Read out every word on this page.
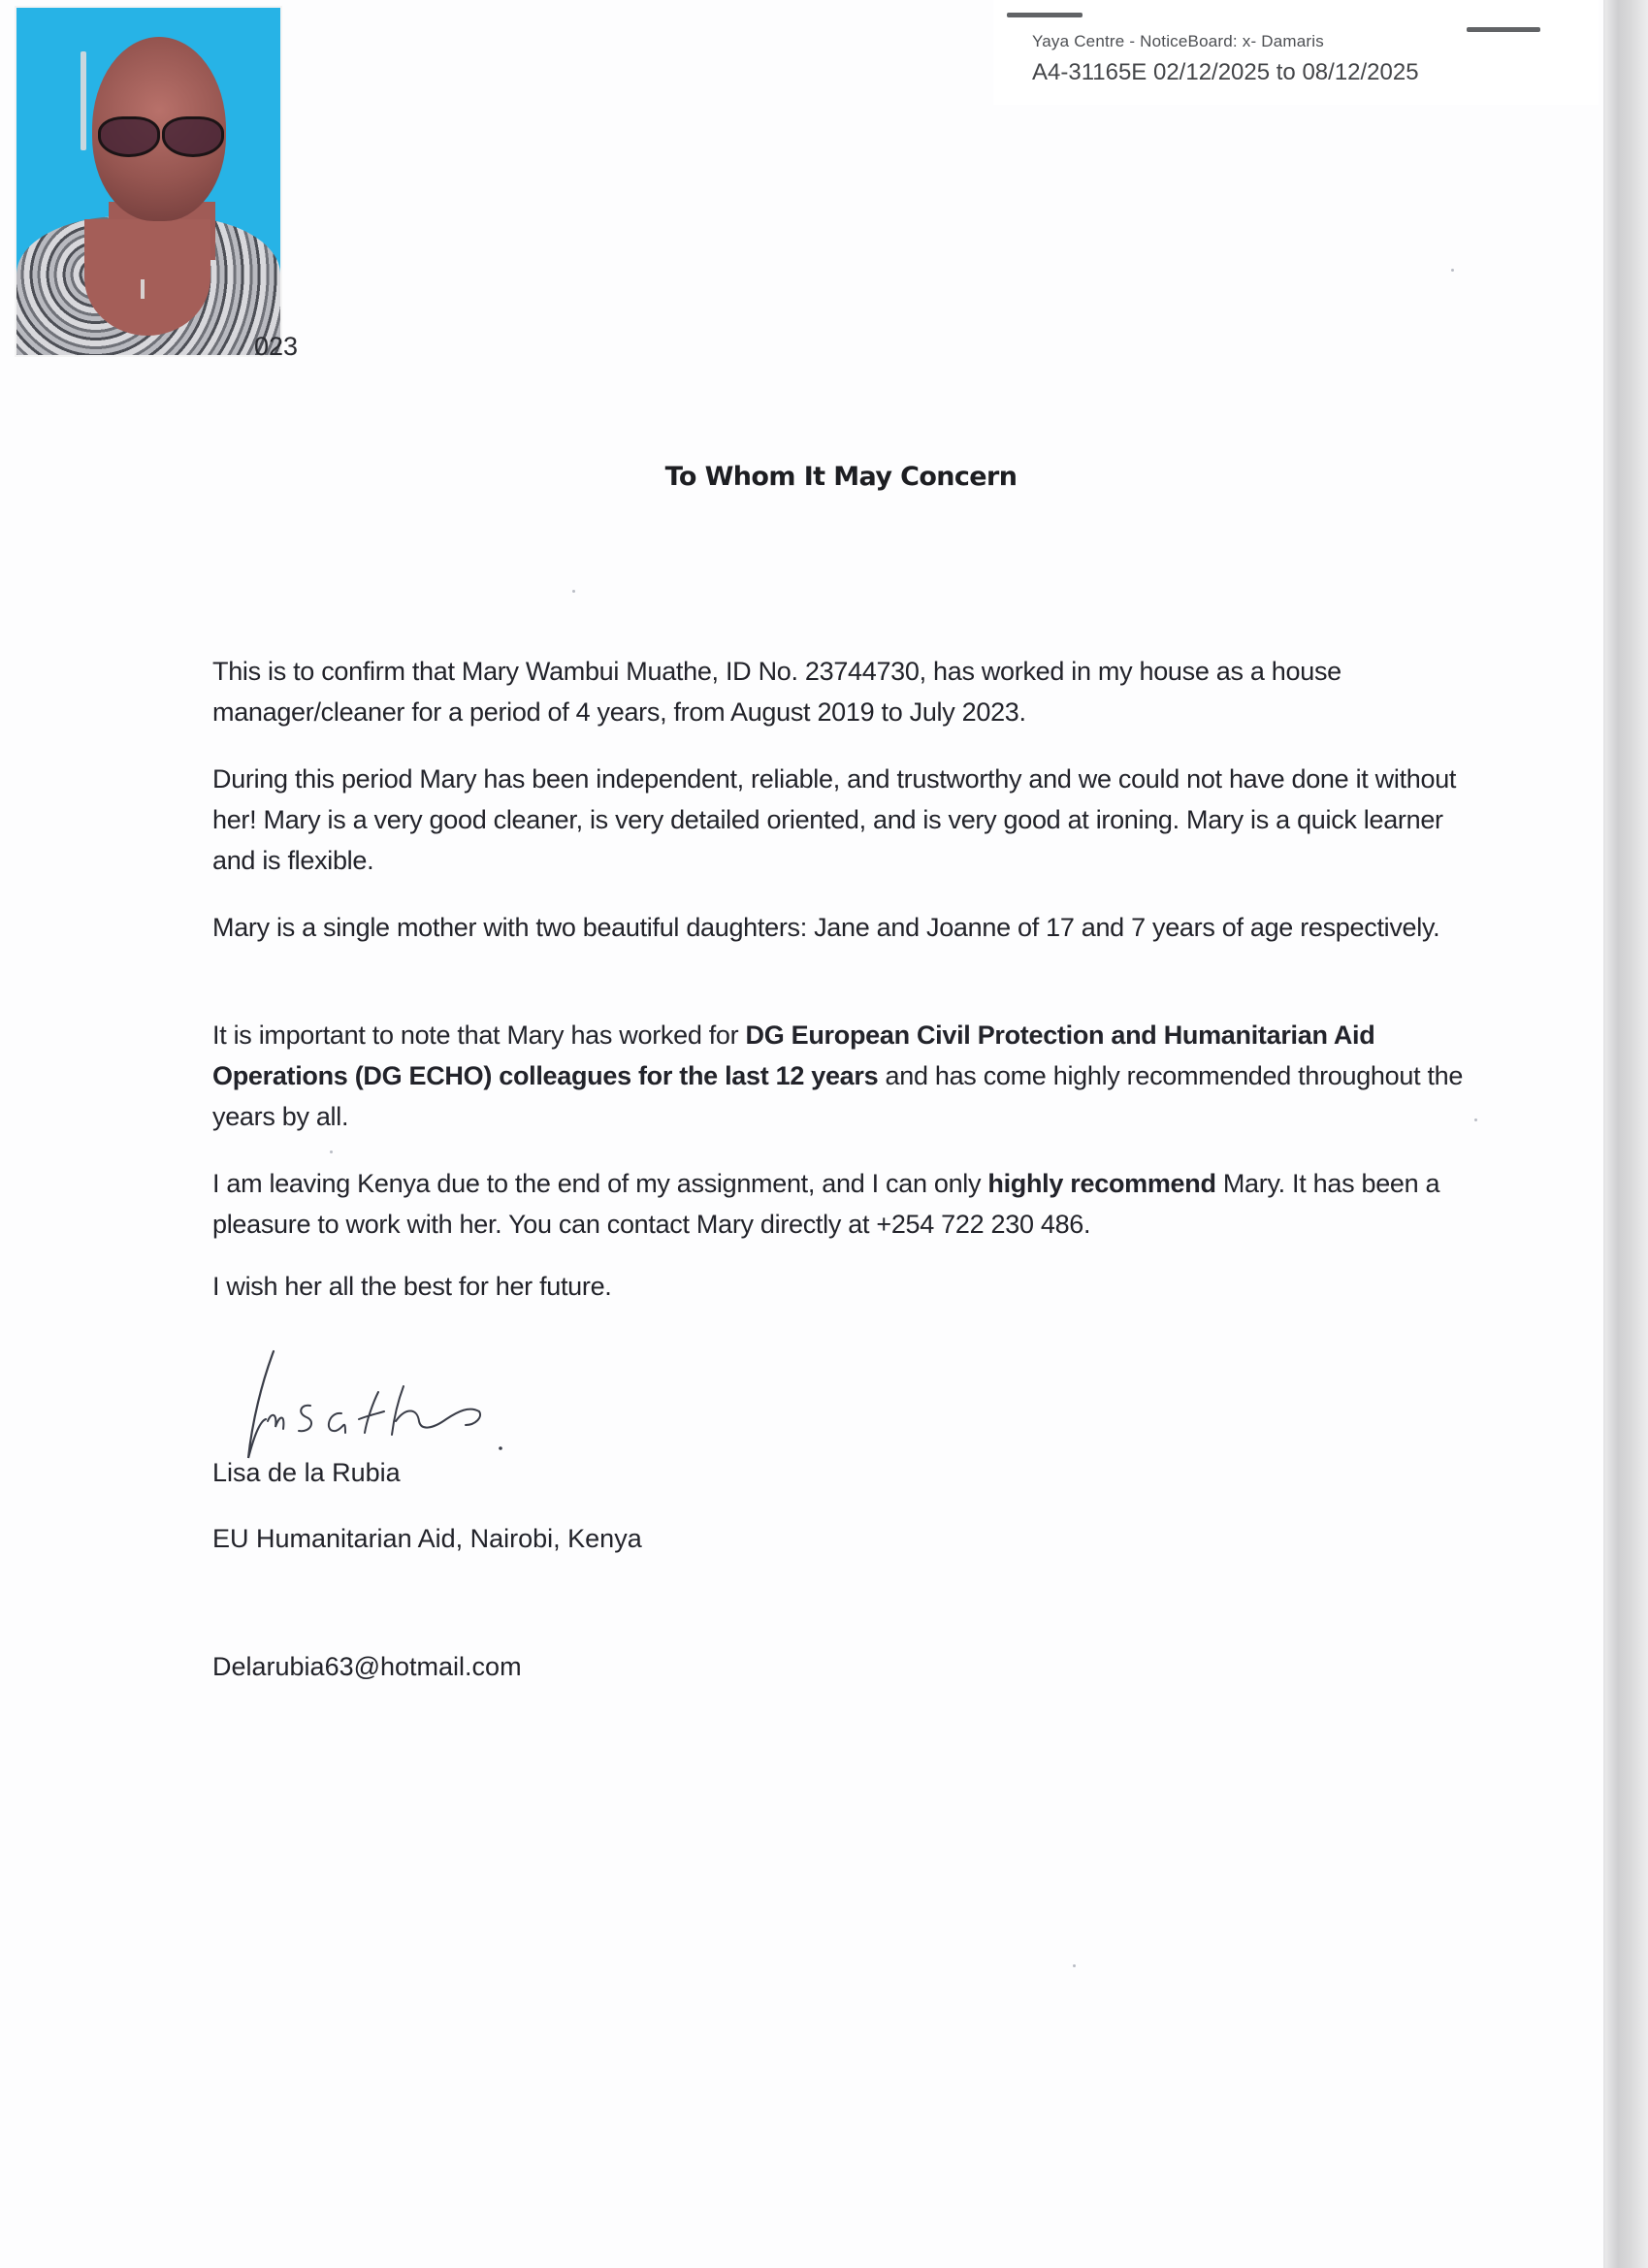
023
Yaya Centre - NoticeBoard: x- Damaris
A4-31165E 02/12/2025 to 08/12/2025
To Whom It May Concern

This is to confirm that Mary Wambui Muathe, ID No. 23744730, has worked in my house as a house manager/cleaner for a period of 4 years, from August 2019 to July 2023.

During this period Mary has been independent, reliable, and trustworthy and we could not have done it without her! Mary is a very good cleaner, is very detailed oriented, and is very good at ironing. Mary is a quick learner and is flexible.

Mary is a single mother with two beautiful daughters: Jane and Joanne of 17 and 7 years of age respectively.

It is important to note that Mary has worked for DG European Civil Protection and Humanitarian Aid Operations (DG ECHO) colleagues for the last 12 years and has come highly recommended throughout the years by all.

I am leaving Kenya due to the end of my assignment, and I can only highly recommend Mary. It has been a pleasure to work with her. You can contact Mary directly at +254 722 230 486.

I wish her all the best for her future.

Lisa de la Rubia
EU Humanitarian Aid, Nairobi, Kenya
Delarubia63@hotmail.com
